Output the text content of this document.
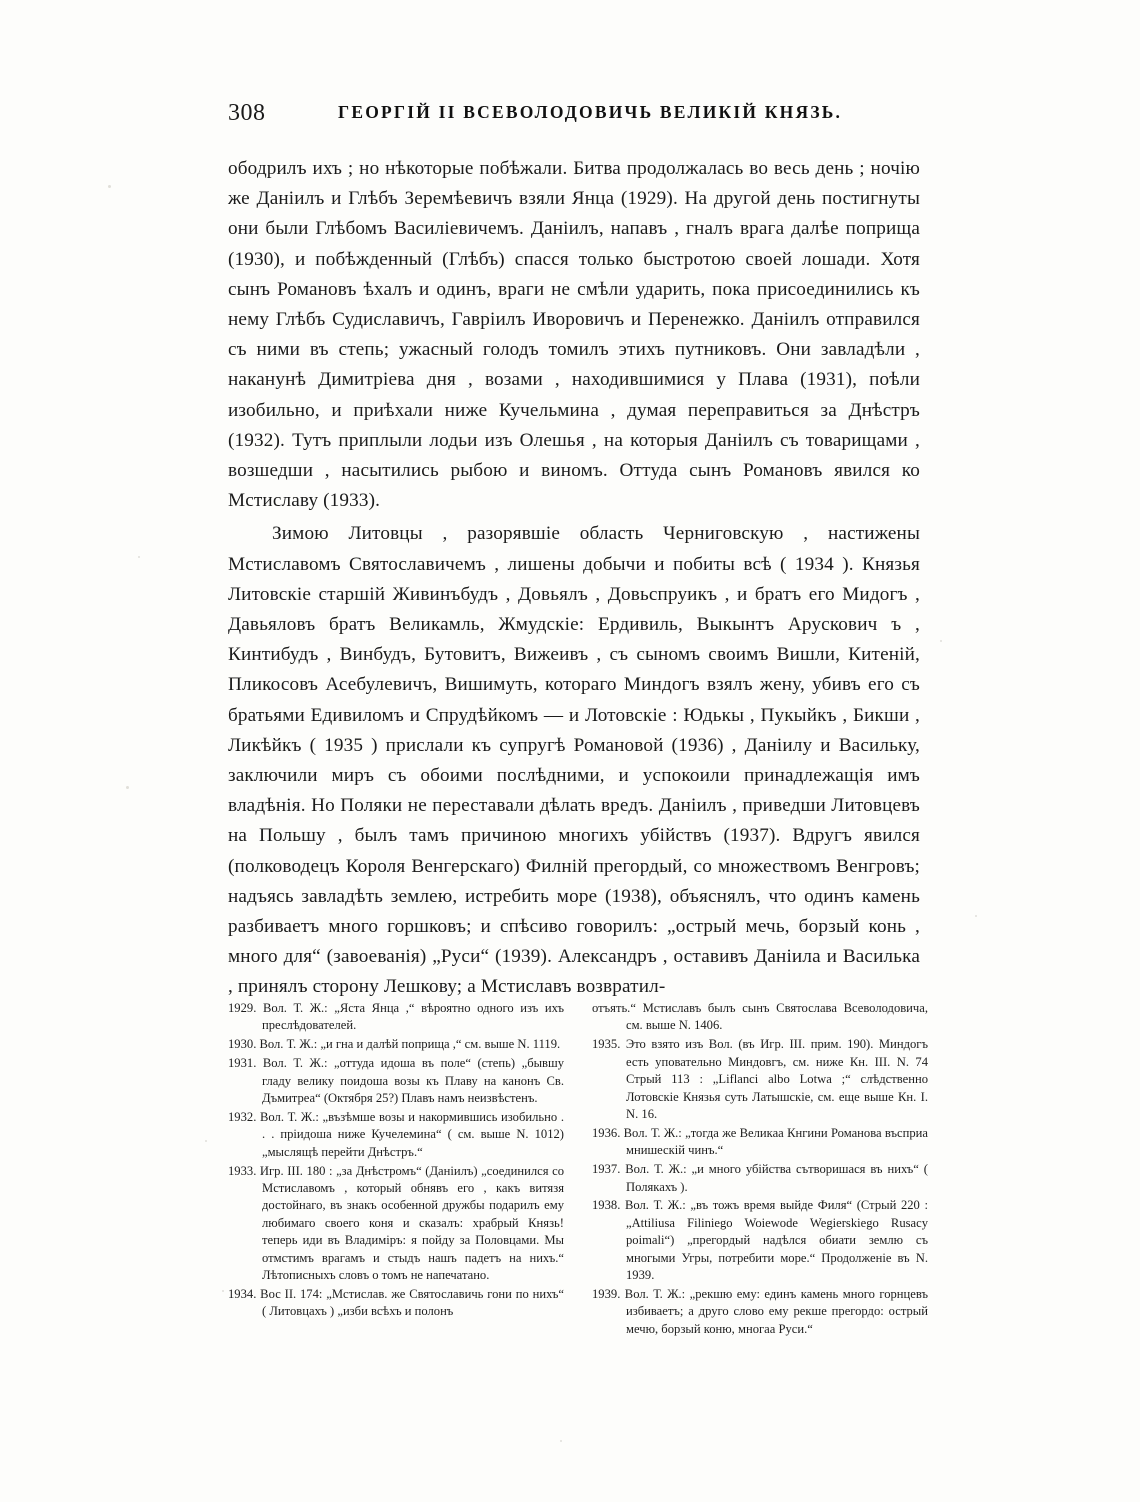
308	ГЕОРГІЙ II ВСЕВОЛОДОВИЧЬ ВЕЛИКІЙ КНЯЗЬ.

ободрилъ ихъ ; но нѣкоторые побѣжали. Битва продолжалась во весь день ; ночію же Даніилъ и Глѣбъ Зеремѣевичъ взяли Янца (1929). На другой день постигнуты они были Глѣбомъ Василіевичемъ. Даніилъ, напавъ , гналъ врага далѣе поприща (1930), и побѣжденный (Глѣбъ) спасся только быстротою своей лошади. Хотя сынъ Романовъ ѣхалъ и одинъ, враги не смѣли ударить, пока присоединились къ нему Глѣбъ Судиславичъ, Гавріилъ Иворовичъ и Перенежко. Даніилъ отправился съ ними въ степь; ужасный голодъ томилъ этихъ путниковъ. Они завладѣли , наканунѣ Димитріева дня , возами , находившимися у Плава (1931), поѣли изобильно, и приѣхали ниже Кучельмина , думая переправиться за Днѣстръ (1932). Тутъ приплыли лодьи изъ Олешья , на которыя Даніилъ съ товарищами , возшедши , насытились рыбою и виномъ. Оттуда сынъ Романовъ явился ко Мстиславу (1933).

Зимою Литовцы , разорявшіе область Черниговскую , настижены Мстиславомъ Святославичемъ , лишены добычи и побиты всѣ ( 1934 ). Князья Литовскіе старшій Живинъбудъ , Довьялъ , Довьспруикъ , и братъ его Мидогъ , Давьяловъ братъ Великамль, Жмудскіе: Ердивиль, Выкынтъ Арускович ъ , Кинтибудъ , Винбудъ, Бутовитъ, Вижеивъ , съ сыномъ своимъ Вишли, Китеній, Пликосовъ Асебулевичъ, Вишимуть, котораго Миндогъ взялъ жену, убивъ его съ братьями Едивиломъ и Спрудѣйкомъ — и Лотовскіе : Юдькы , Пукыйкъ , Бикши , Ликѣйкъ ( 1935 ) прислали къ супругѣ Романовой (1936) , Даніилу и Васильку, заключили миръ съ обоими послѣдними, и успокоили принадлежащія имъ владѣнія. Но Поляки не переставали дѣлать вредъ. Даніилъ , приведши Литовцевъ на Польшу , былъ тамъ причиною многихъ убійствъ (1937). Вдругъ явился (полководецъ Короля Венгерскаго) Филній прегордый, со множествомъ Венгровъ; надъясь завладѣть землею, истребить море (1938), объяснялъ, что одинъ камень разбиваетъ много горшковъ; и спѣсиво говорилъ: „острый мечь, борзый конь , много для“ (завоеванія) „Руси“ (1939). Александръ , оставивъ Даніила и Василька , принялъ сторону Лешкову; а Мстиславъ возвратил-

1929. Вол. Т. Ж.: „Яста Янца ,“ вѣроятно одного изъ ихъ преслѣдователей.

1930. Вол. Т. Ж.: „и гна и далѣй поприща ,“ см. выше N. 1119.

1931. Вол. Т. Ж.: „оттуда идоша въ поле“ (степь) „бывшу гладу велику поидоша возы къ Плаву на канонъ Св. Дъмитреа“ (Октября 25?) Плавъ намъ неизвѣстенъ.

1932. Вол. Т. Ж.: „възѣмше возы и накормившись изобильно . . . пріидоша ниже Кучелемина“ ( см. выше N. 1012) „мыслящѣ перейти Днѣстръ.“

1933. Игр. III. 180 : „за Днѣстромъ“ (Даніилъ) „соединился со Мстиславомъ , который обнявъ его , какъ витязя достойнаго, въ знакъ особенной дружбы подарилъ ему любимаго своего коня и сказалъ: храбрый Князь! теперь иди въ Владиміръ: я пойду за Половцами. Мы отмстимъ врагамъ и стыдъ нашъ падетъ на нихъ.“ Лѣтописныхъ словъ о томъ не напечатано.

1934. Вос II. 174: „Мстислав. же Святославичь гони по нихъ“ ( Литовцахъ ) „изби всѣхъ и полонъ

отъять.“ Мстиславъ былъ сынъ Святослава Всеволодовича, см. выше N. 1406.

1935. Это взято изъ Вол. (въ Игр. III. прим. 190). Миндогъ есть уповательно Миндовгъ, см. ниже Кн. III. N. 74 Стрый 113 : „Liflanci albo Lotwa ;“ слѣдственно Лотовскіе Князья суть Латышскіе, см. еще выше Кн. I. N. 16.

1936. Вол. Т. Ж.: „тогда же Великаа Кнгини Романова въсприа мнишескій чинъ.“

1937. Вол. Т. Ж.: „и много убійства сътворишася въ нихъ“ ( Полякахъ ).

1938. Вол. Т. Ж.: „въ тожъ время выйде Филя“ (Стрый 220 : „Attiliusa Filiniego Woiewode Wegierskiego Rusacy poimali“) „прегордый надѣлся обиати землю съ многыми Угры, потребити море.“ Продолженіе въ N. 1939.

1939. Вол. Т. Ж.: „рекшю ему: единъ камень много горнцевъ избиваетъ; а друго слово ему рекше прегордо: острый мечю, борзый коню, многаа Руси.“
